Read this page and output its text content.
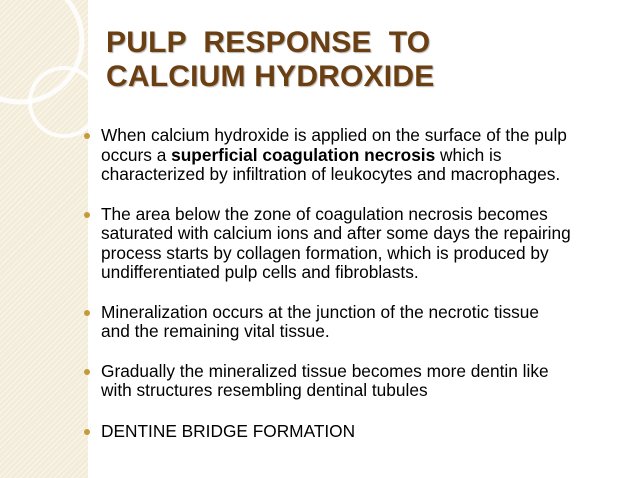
PULP  RESPONSE  TO
CALCIUM HYDROXIDE
When calcium hydroxide is applied on the surface of the pulp
occurs a superficial coagulation necrosis which is
characterized by infiltration of leukocytes and macrophages.
The area below the zone of coagulation necrosis becomes
saturated with calcium ions and after some days the repairing
process starts by collagen formation, which is produced by
undifferentiated pulp cells and fibroblasts.
Mineralization occurs at the junction of the necrotic tissue
and the remaining vital tissue.
Gradually the mineralized tissue becomes more dentin like
with structures resembling dentinal tubules
DENTINE BRIDGE FORMATION
